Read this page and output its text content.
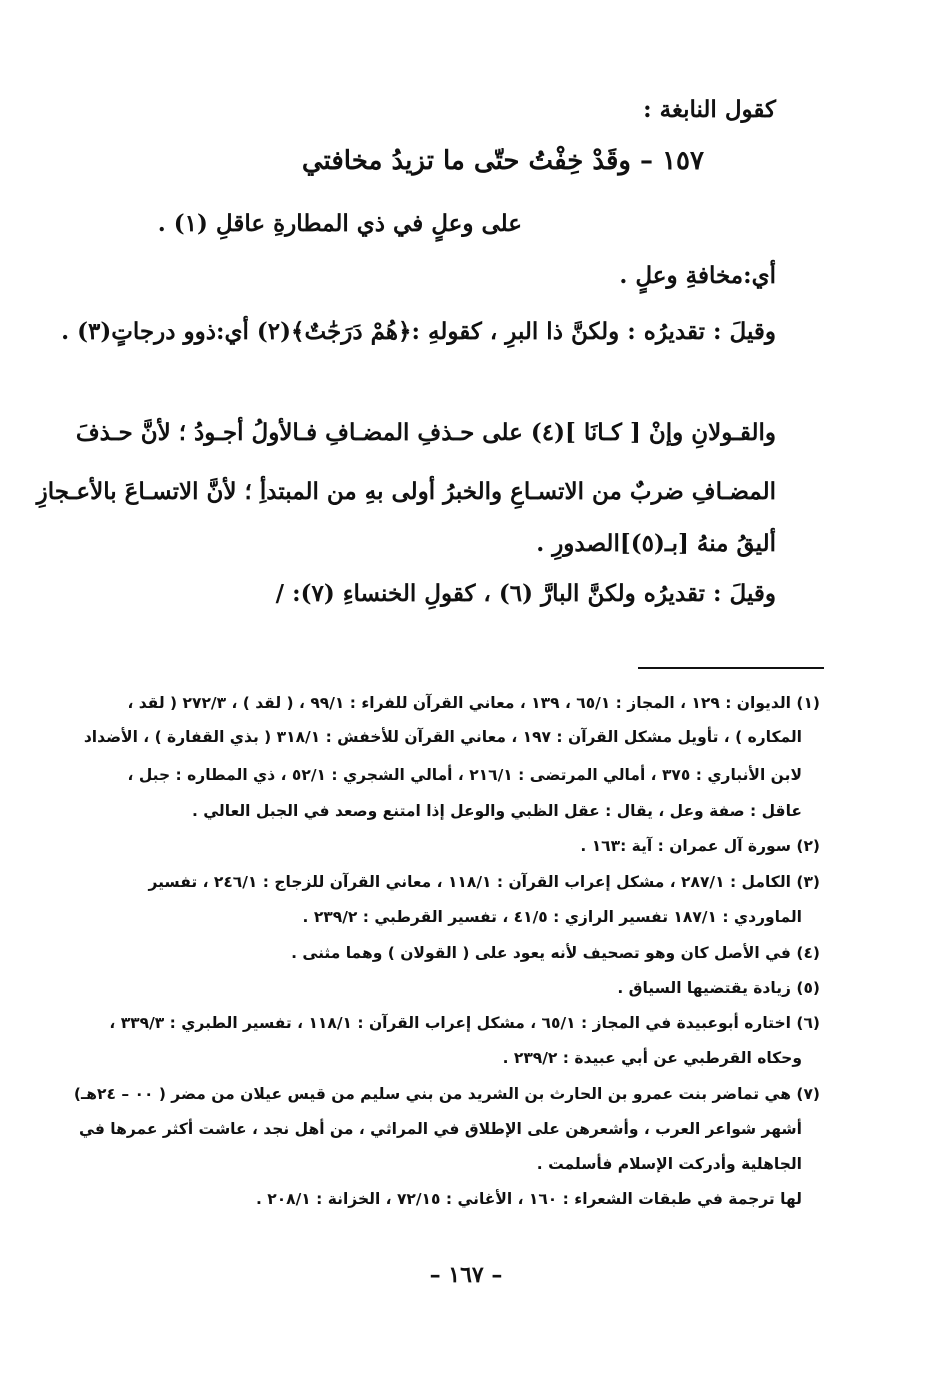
كقول النابغة :
١٥٧ – وقَدْ خِفْتُ حتّى ما تزيدُ مخافتي
على وعلٍ في ذي المطارةِ عاقلِ (١) .
أي:مخافةِ وعلٍ .
وقيلَ : تقديرُه : ولكنَّ ذا البرِ ، كقولهِ :﴿هُمْ دَرَجَٰتٌ﴾(٢) أي:ذوو درجاتٍ(٣) .
والقـولانِ وإنْ [ كـانَا ](٤) على حـذفِ المضـافِ فـالأولُ أجـودُ ؛ لأنَّ حـذفَ
المضـافِ ضربٌ من الاتسـاعِ والخبرُ أولى بهِ من المبتدأِ ؛ لأنَّ الاتسـاعَ بالأعـجازِ
أليقُ منهُ [بـ(٥)]الصدورِ .
وقيلَ : تقديرُه ولكنَّ البارَّ (٦) ، كقولِ الخنساءِ (٧): /
(١) الديوان : ١٢٩ ، المجاز : ٦٥/١ ، ١٣٩ ، معاني القرآن للفراء : ٩٩/١ ، ( لقد ) ، ٢٧٢/٣ ( لقد ،
المكاره ) ، تأويل مشكل القرآن : ١٩٧ ، معاني القرآن للأخفش : ٣١٨/١ ( بذي القفارة ) ، الأضداد
لابن الأنباري : ٣٧٥ ، أمالي المرتضى : ٢١٦/١ ، أمالي الشجري : ٥٢/١ ، ذي المطاره : جبل ،
عاقل : صفة وعل ، يقال : عقل الظبي والوعل إذا امتنع وصعد في الجبل العالي .
(٢) سورة آل عمران : آية :١٦٣ .
(٣) الكامل : ٢٨٧/١ ، مشكل إعراب القرآن : ١١٨/١ ، معاني القرآن للزجاج : ٢٤٦/١ ، تفسير
الماوردي : ١٨٧/١ تفسير الرازي : ٤١/٥ ، تفسير القرطبي : ٢٣٩/٢ .
(٤) في الأصل كان وهو تصحيف لأنه يعود على ( القولان ) وهما مثنى .
(٥) زيادة يقتضيها السياق .
(٦) اختاره أبوعبيدة في المجاز : ٦٥/١ ، مشكل إعراب القرآن : ١١٨/١ ، تفسير الطبري : ٣٣٩/٣ ،
وحكاه القرطبي عن أبي عبيدة : ٢٣٩/٢ .
(٧) هي تماضر بنت عمرو بن الحارث بن الشريد من بني سليم من قيس عيلان من مضر ( ٠٠ – ٢٤هـ)
أشهر شواعر العرب ، وأشعرهن على الإطلاق في المراثي ، من أهل نجد ، عاشت أكثر عمرها في
الجاهلية وأدركت الإسلام فأسلمت .
لها ترجمة في طبقات الشعراء : ١٦٠ ، الأغاني : ٧٢/١٥ ، الخزانة : ٢٠٨/١ .
– ١٦٧ –
